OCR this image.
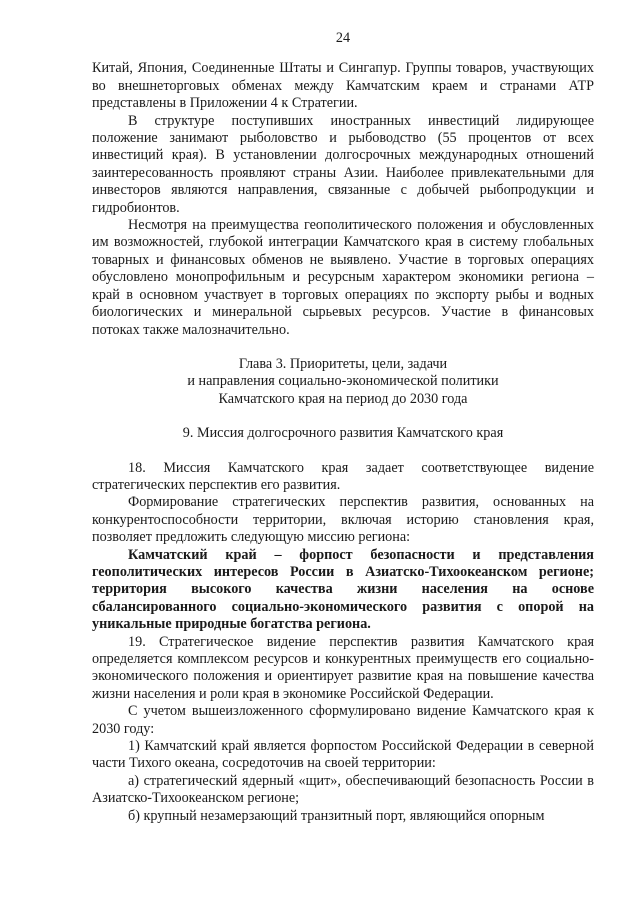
24

Китай, Япония, Соединенные Штаты и Сингапур. Группы товаров, участвующих во внешнеторговых обменах между Камчатским краем и странами АТР представлены в Приложении 4 к Стратегии.

В структуре поступивших иностранных инвестиций лидирующее положение занимают рыболовство и рыбоводство (55 процентов от всех инвестиций края). В установлении долгосрочных международных отношений заинтересованность проявляют страны Азии. Наиболее привлекательными для инвесторов являются направления, связанные с добычей рыбопродукции и гидробионтов.

Несмотря на преимущества геополитического положения и обусловленных им возможностей, глубокой интеграции Камчатского края в систему глобальных товарных и финансовых обменов не выявлено. Участие в торговых операциях обусловлено монопрофильным и ресурсным характером экономики региона – край в основном участвует в торговых операциях по экспорту рыбы и водных биологических и минеральной сырьевых ресурсов. Участие в финансовых потоках также малозначительно.

Глава 3. Приоритеты, цели, задачи
и направления социально-экономической политики
Камчатского края на период до 2030 года
9. Миссия долгосрочного развития Камчатского края

18. Миссия Камчатского края задает соответствующее видение стратегических перспектив его развития.

Формирование стратегических перспектив развития, основанных на конкурентоспособности территории, включая историю становления края, позволяет предложить следующую миссию региона:

Камчатский край – форпост безопасности и представления геополитических интересов России в Азиатско-Тихоокеанском регионе; территория высокого качества жизни населения на основе сбалансированного социально-экономического развития с опорой на уникальные природные богатства региона.

19. Стратегическое видение перспектив развития Камчатского края определяется комплексом ресурсов и конкурентных преимуществ его социально-экономического положения и ориентирует развитие края на повышение качества жизни населения и роли края в экономике Российской Федерации.

С учетом вышеизложенного сформулировано видение Камчатского края к 2030 году:

1) Камчатский край является форпостом Российской Федерации в северной части Тихого океана, сосредоточив на своей территории:

а) стратегический ядерный «щит», обеспечивающий безопасность России в Азиатско-Тихоокеанском регионе;

б) крупный незамерзающий транзитный порт, являющийся опорным
